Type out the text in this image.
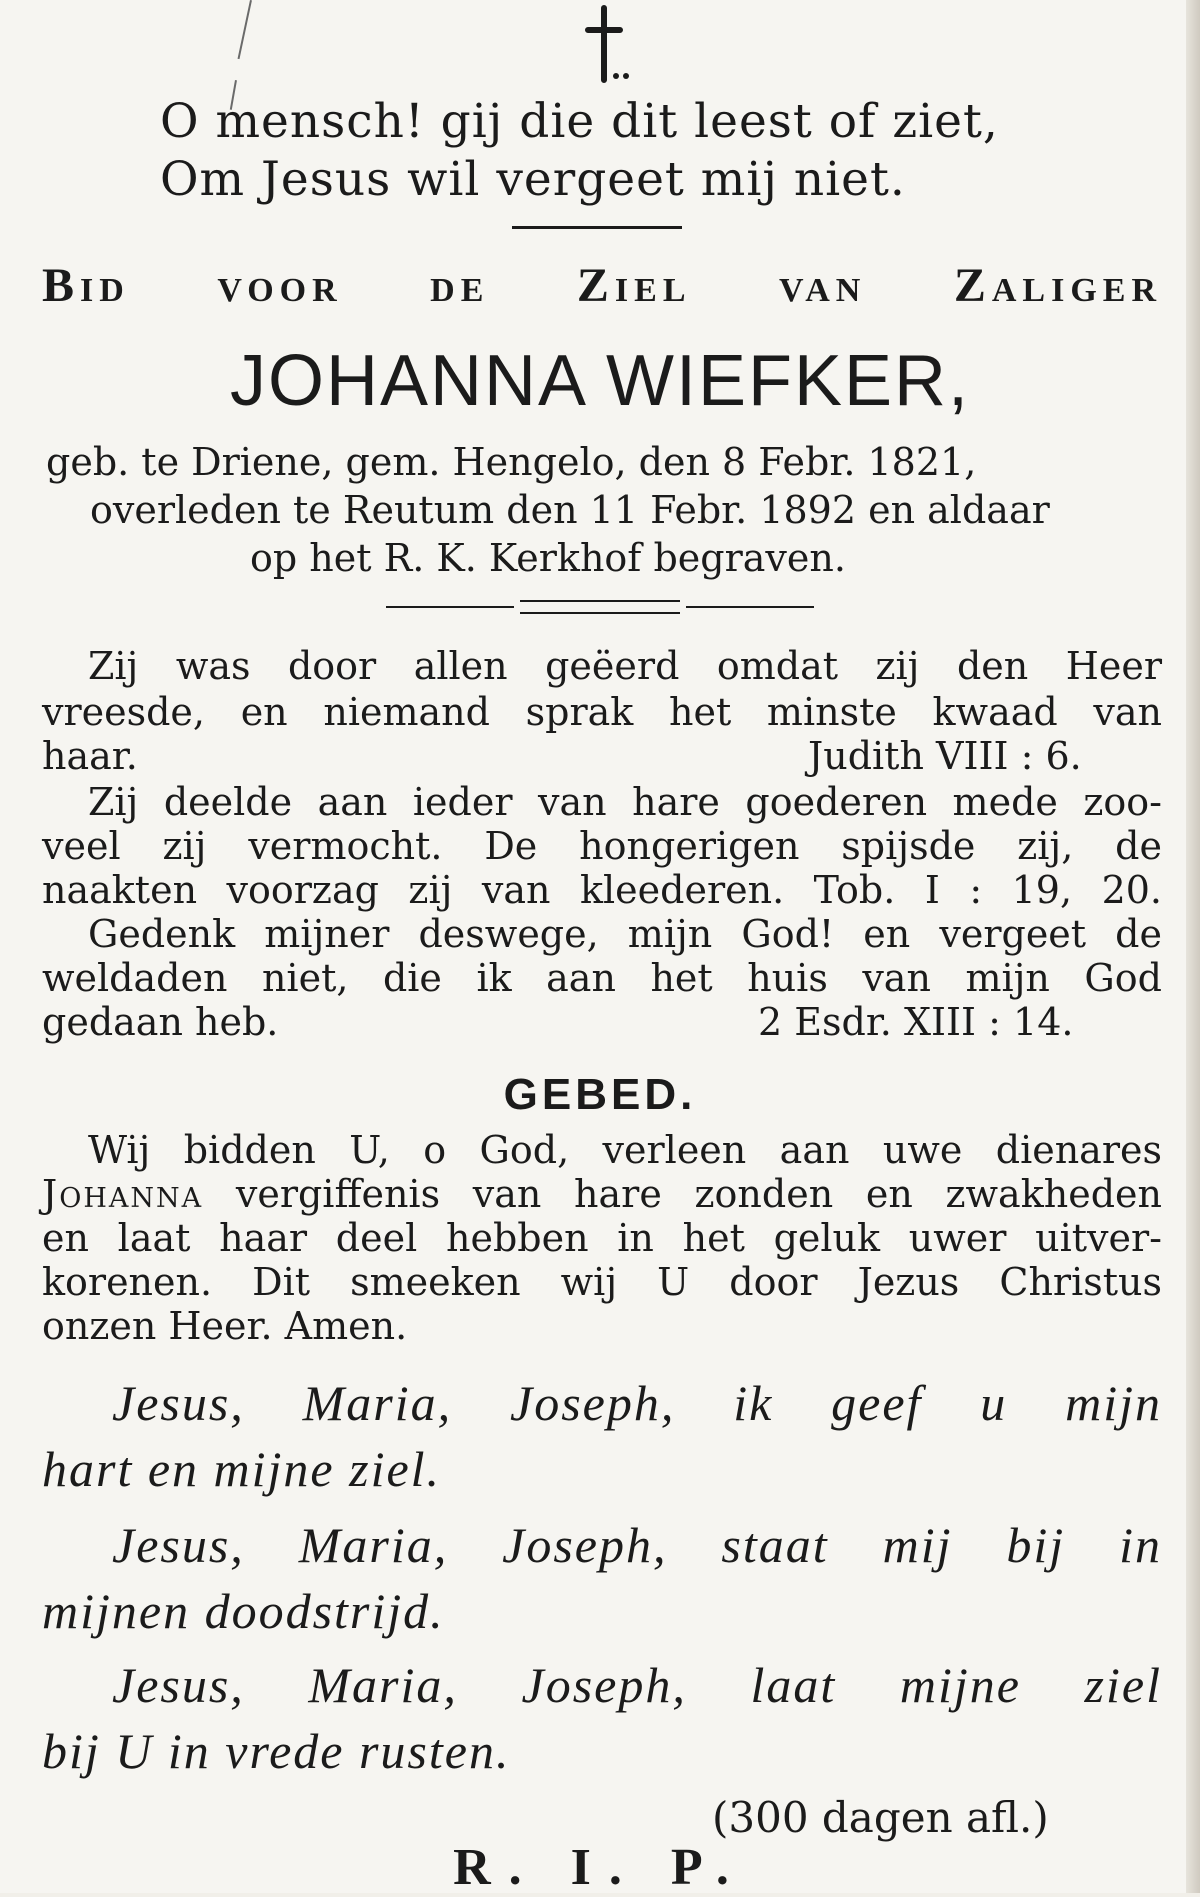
O mensch! gij die dit leest of ziet,
Om Jesus wil vergeet mij niet.
Bid voor de Ziel van Zaliger
JOHANNA WIEFKER,
geb. te Driene, gem. Hengelo, den 8 Febr. 1821,
overleden te Reutum den 11 Febr. 1892 en aldaar
op het R. K. Kerkhof begraven.
Zij was door allen geëerd omdat zij den Heer
vreesde, en niemand sprak het minste kwaad van
haar.	Judith VIII : 6.
Zij deelde aan ieder van hare goederen mede zoo-
veel zij vermocht. De hongerigen spijsde zij, de
naakten voorzag zij van kleederen. Tob. I : 19, 20.
Gedenk mijner deswege, mijn God! en vergeet de
weldaden niet, die ik aan het huis van mijn God
gedaan heb.	2 Esdr. XIII : 14.
GEBED.
Wij bidden U, o God, verleen aan uwe dienares
Johanna vergiffenis van hare zonden en zwakheden
en laat haar deel hebben in het geluk uwer uitver-
korenen. Dit smeeken wij U door Jezus Christus
onzen Heer. Amen.
Jesus, Maria, Joseph, ik geef u mijn
hart en mijne ziel.
Jesus, Maria, Joseph, staat mij bij in
mijnen doodstrijd.
Jesus, Maria, Joseph, laat mijne ziel
bij U in vrede rusten.
(300 dagen afl.)
R. I. P.
